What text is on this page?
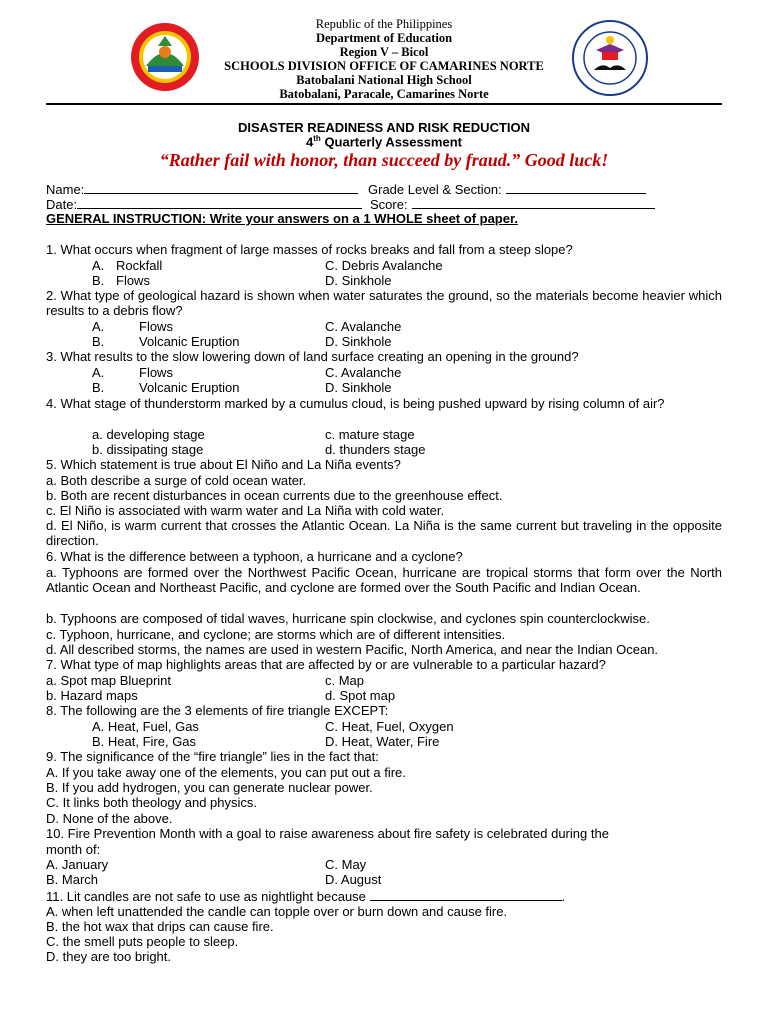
Republic of the Philippines
Department of Education
Region V – Bicol
SCHOOLS DIVISION OFFICE OF CAMARINES NORTE
Batobalani National High School
Batobalani, Paracale, Camarines Norte
DISASTER READINESS AND RISK REDUCTION
4th Quarterly Assessment
“Rather fail with honor, than succeed by fraud.” Good luck!
Name:	Grade Level & Section:
Date:	Score:
GENERAL INSTRUCTION: Write your answers on a 1 WHOLE sheet of paper.
1. What occurs when fragment of large masses of rocks breaks and fall from a steep slope?
A. Rockfall
B. Flows
C. Debris Avalanche
D. Sinkhole
2. What type of geological hazard is shown when water saturates the ground, so the materials become heavier which results to a debris flow?
A.	Flows
B.	Volcanic Eruption
C. Avalanche
D. Sinkhole
3. What results to the slow lowering down of land surface creating an opening in the ground?
A.	Flows
B.	Volcanic Eruption
C. Avalanche
D. Sinkhole
4. What stage of thunderstorm marked by a cumulus cloud, is being pushed upward by rising column of air?
a. developing stage
b. dissipating stage
c. mature stage
d. thunders stage
5. Which statement is true about El Niño and La Niña events?
a. Both describe a surge of cold ocean water.
b. Both are recent disturbances in ocean currents due to the greenhouse effect.
c. El Niño is associated with warm water and La Niña with cold water.
d. El Niño, is warm current that crosses the Atlantic Ocean. La Niña is the same current but traveling in the opposite direction.
6. What is the difference between a typhoon, a hurricane and a cyclone?
a. Typhoons are formed over the Northwest Pacific Ocean, hurricane are tropical storms that form over the North Atlantic Ocean and Northeast Pacific, and cyclone are formed over the South Pacific and Indian Ocean.
b. Typhoons are composed of tidal waves, hurricane spin clockwise, and cyclones spin counterclockwise.
c. Typhoon, hurricane, and cyclone; are storms which are of different intensities.
d. All described storms, the names are used in western Pacific, North America, and near the Indian Ocean.
7. What type of map highlights areas that are affected by or are vulnerable to a particular hazard?
a. Spot map Blueprint
b. Hazard maps
c. Map
d. Spot map
8. The following are the 3 elements of fire triangle EXCEPT:
A. Heat, Fuel, Gas
B. Heat, Fire, Gas
C. Heat, Fuel, Oxygen
D. Heat, Water, Fire
9. The significance of the “fire triangle” lies in the fact that:
A. If you take away one of the elements, you can put out a fire.
B. If you add hydrogen, you can generate nuclear power.
C. It links both theology and physics.
D. None of the above.
10. Fire Prevention Month with a goal to raise awareness about fire safety is celebrated during the
month of:
A. January
B. March
C. May
D. August
11. Lit candles are not safe to use as nightlight because	.
A. when left unattended the candle can topple over or burn down and cause fire.
B. the hot wax that drips can cause fire.
C. the smell puts people to sleep.
D. they are too bright.
